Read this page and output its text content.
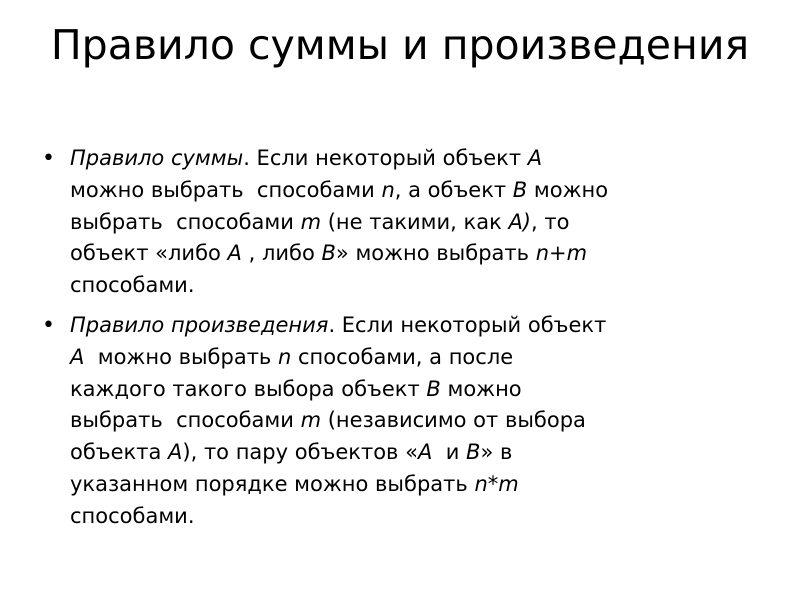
Правило суммы и произведения
• Правило суммы. Если некоторый объект A
можно выбрать  способами n, а объект B можно
выбрать  способами m (не такими, как A), то
объект «либо A , либо B» можно выбрать n+m
способами.
• Правило произведения. Если некоторый объект
A  можно выбрать n способами, а после
каждого такого выбора объект B можно
выбрать  способами m (независимо от выбора
объекта A), то пару объектов «A  и B» в
указанном порядке можно выбрать n*m
способами.
